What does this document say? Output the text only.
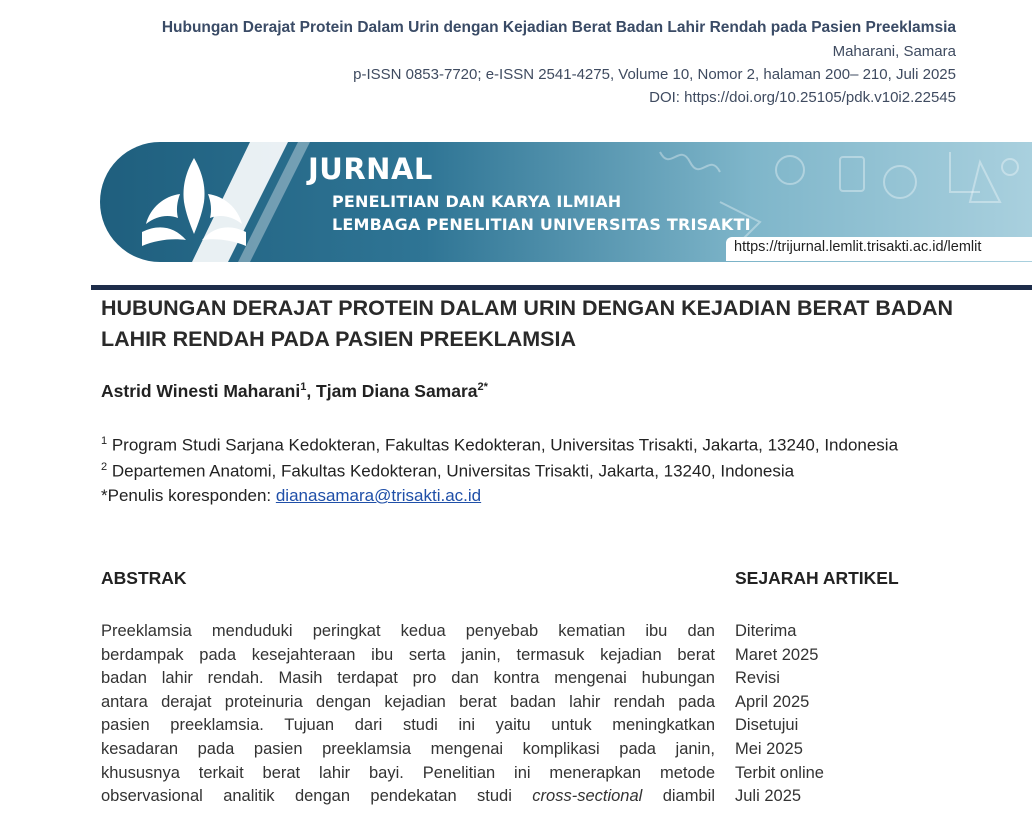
Hubungan Derajat Protein Dalam Urin dengan Kejadian Berat Badan Lahir Rendah pada Pasien Preeklamsia
Maharani, Samara
p-ISSN 0853-7720; e-ISSN 2541-4275, Volume 10, Nomor 2, halaman 200– 210, Juli 2025
DOI: https://doi.org/10.25105/pdk.v10i2.22545
JURNAL
PENELITIAN DAN KARYA ILMIAH
LEMBAGA PENELITIAN UNIVERSITAS TRISAKTI
https://trijurnal.lemlit.trisakti.ac.id/lemlit
HUBUNGAN DERAJAT PROTEIN DALAM URIN DENGAN KEJADIAN BERAT BADAN
LAHIR RENDAH PADA PASIEN PREEKLAMSIA
Astrid Winesti Maharani$^1$, Tjam Diana Samara$^{2*}$
$^1$ Program Studi Sarjana Kedokteran, Fakultas Kedokteran, Universitas Trisakti, Jakarta, 13240, Indonesia
$^2$ Departemen Anatomi, Fakultas Kedokteran, Universitas Trisakti, Jakarta, 13240, Indonesia
*Penulis koresponden: dianasamara@trisakti.ac.id
ABSTRAK	SEJARAH ARTIKEL
Preeklamsia menduduki peringkat kedua penyebab kematian ibu dan
berdampak pada kesejahteraan ibu serta janin, termasuk kejadian berat
badan lahir rendah. Masih terdapat pro dan kontra mengenai hubungan
antara derajat proteinuria dengan kejadian berat badan lahir rendah pada
pasien preeklamsia. Tujuan dari studi ini yaitu untuk meningkatkan
kesadaran pada pasien preeklamsia mengenai komplikasi pada janin,
khususnya terkait berat lahir bayi. Penelitian ini menerapkan metode
observasional analitik dengan pendekatan studi cross-sectional diambil
Diterima
Maret 2025
Revisi
April 2025
Disetujui
Mei 2025
Terbit online
Juli 2025
